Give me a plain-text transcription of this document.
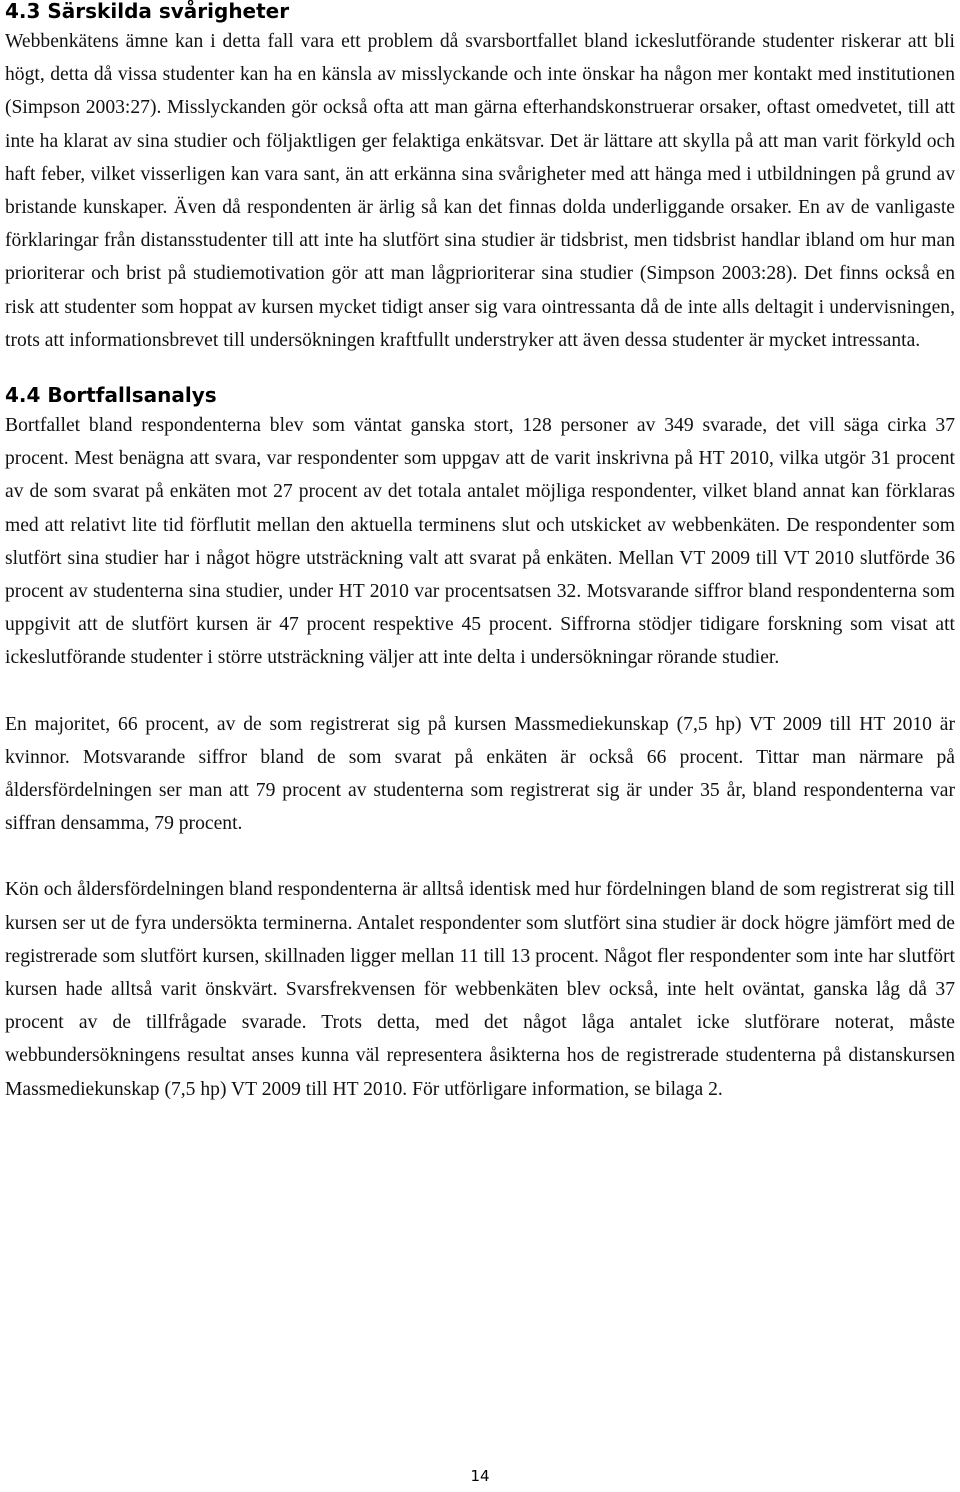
4.3 Särskilda svårigheter

Webbenkätens ämne kan i detta fall vara ett problem då svarsbortfallet bland ickeslutförande studenter riskerar att bli högt, detta då vissa studenter kan ha en känsla av misslyckande och inte önskar ha någon mer kontakt med institutionen (Simpson 2003:27). Misslyckanden gör också ofta att man gärna efterhandskonstruerar orsaker, oftast omedvetet, till att inte ha klarat av sina studier och följaktligen ger felaktiga enkätsvar. Det är lättare att skylla på att man varit förkyld och haft feber, vilket visserligen kan vara sant, än att erkänna sina svårigheter med att hänga med i utbildningen på grund av bristande kunskaper. Även då respondenten är ärlig så kan det finnas dolda underliggande orsaker. En av de vanligaste förklaringar från distansstudenter till att inte ha slutfört sina studier är tidsbrist, men tidsbrist handlar ibland om hur man prioriterar och brist på studiemotivation gör att man lågprioriterar sina studier (Simpson 2003:28). Det finns också en risk att studenter som hoppat av kursen mycket tidigt anser sig vara ointressanta då de inte alls deltagit i undervisningen, trots att informationsbrevet till undersökningen kraftfullt understryker att även dessa studenter är mycket intressanta.

4.4 Bortfallsanalys

Bortfallet bland respondenterna blev som väntat ganska stort, 128 personer av 349 svarade, det vill säga cirka 37 procent. Mest benägna att svara, var respondenter som uppgav att de varit inskrivna på HT 2010, vilka utgör 31 procent av de som svarat på enkäten mot 27 procent av det totala antalet möjliga respondenter, vilket bland annat kan förklaras med att relativt lite tid förflutit mellan den aktuella terminens slut och utskicket av webbenkäten. De respondenter som slutfört sina studier har i något högre utsträckning valt att svarat på enkäten. Mellan VT 2009 till VT 2010 slutförde 36 procent av studenterna sina studier, under HT 2010 var procentsatsen 32. Motsvarande siffror bland respondenterna som uppgivit att de slutfört kursen är 47 procent respektive 45 procent. Siffrorna stödjer tidigare forskning som visat att ickeslutförande studenter i större utsträckning väljer att inte delta i undersökningar rörande studier.

En majoritet, 66 procent, av de som registrerat sig på kursen Massmediekunskap (7,5 hp) VT 2009 till HT 2010 är kvinnor. Motsvarande siffror bland de som svarat på enkäten är också 66 procent. Tittar man närmare på åldersfördelningen ser man att 79 procent av studenterna som registrerat sig är under 35 år, bland respondenterna var siffran densamma, 79 procent.

Kön och åldersfördelningen bland respondenterna är alltså identisk med hur fördelningen bland de som registrerat sig till kursen ser ut de fyra undersökta terminerna. Antalet respondenter som slutfört sina studier är dock högre jämfört med de registrerade som slutfört kursen, skillnaden ligger mellan 11 till 13 procent. Något fler respondenter som inte har slutfört kursen hade alltså varit önskvärt. Svarsfrekvensen för webbenkäten blev också, inte helt oväntat, ganska låg då 37 procent av de tillfrågade svarade. Trots detta, med det något låga antalet icke slutförare noterat, måste webbundersökningens resultat anses kunna väl representera åsikterna hos de registrerade studenterna på distanskursen Massmediekunskap (7,5 hp) VT 2009 till HT 2010. För utförligare information, se bilaga 2.

14
